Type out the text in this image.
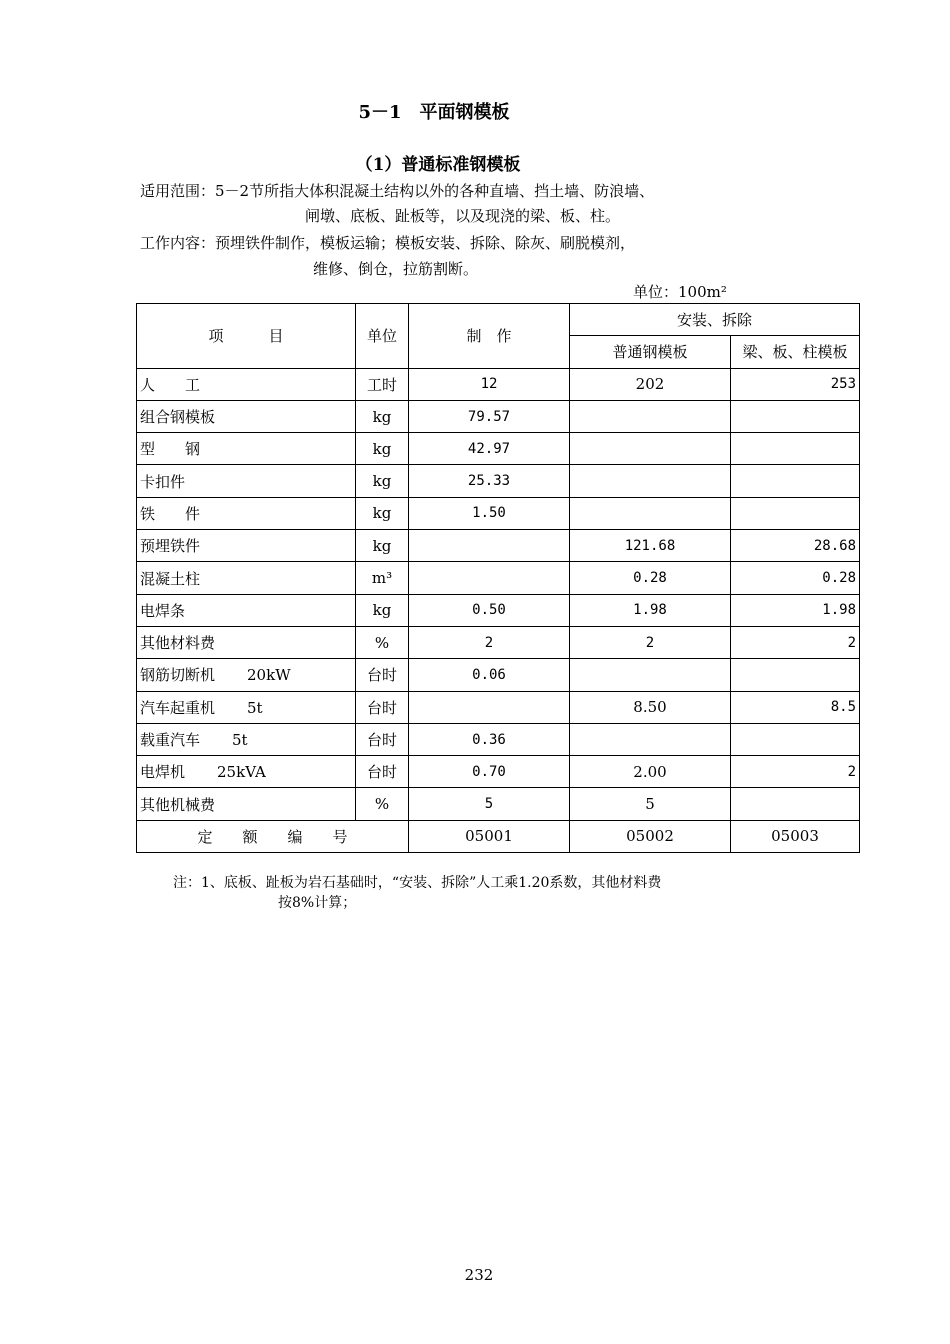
5－1　平面钢模板
（1）普通标准钢模板
适用范围：5－2节所指大体积混凝土结构以外的各种直墙、挡土墙、防浪墙、
闸墩、底板、趾板等，以及现浇的梁、板、柱。
工作内容：预埋铁件制作，模板运输；模板安装、拆除、除灰、刷脱模剂，
维修、倒仓，拉筋割断。
单位：100m²
项　　　目	单位	制　作	安装、拆除	
			普通钢模板	梁、板、柱模板
人　　工	工时	12	202	253
组合钢模板	kg	79.57		
型　　钢	kg	42.97		
卡扣件	kg	25.33		
铁　　件	kg	1.50		
预埋铁件	kg		121.68	28.68
混凝土柱	m³		0.28	0.28
电焊条	kg	0.50	1.98	1.98
其他材料费	%	2	2	2
钢筋切断机 20kW	台时	0.06		
汽车起重机 5t	台时		8.50	8.5
载重汽车 5t	台时	0.36		
电焊机 25kVA	台时	0.70	2.00	2
其他机械费	%	5	5	
定　　额　　编　　号		05001	05002	05003
注：1、底板、趾板为岩石基础时，“安装、拆除”人工乘1.20系数，其他材料费
按8%计算；
232
